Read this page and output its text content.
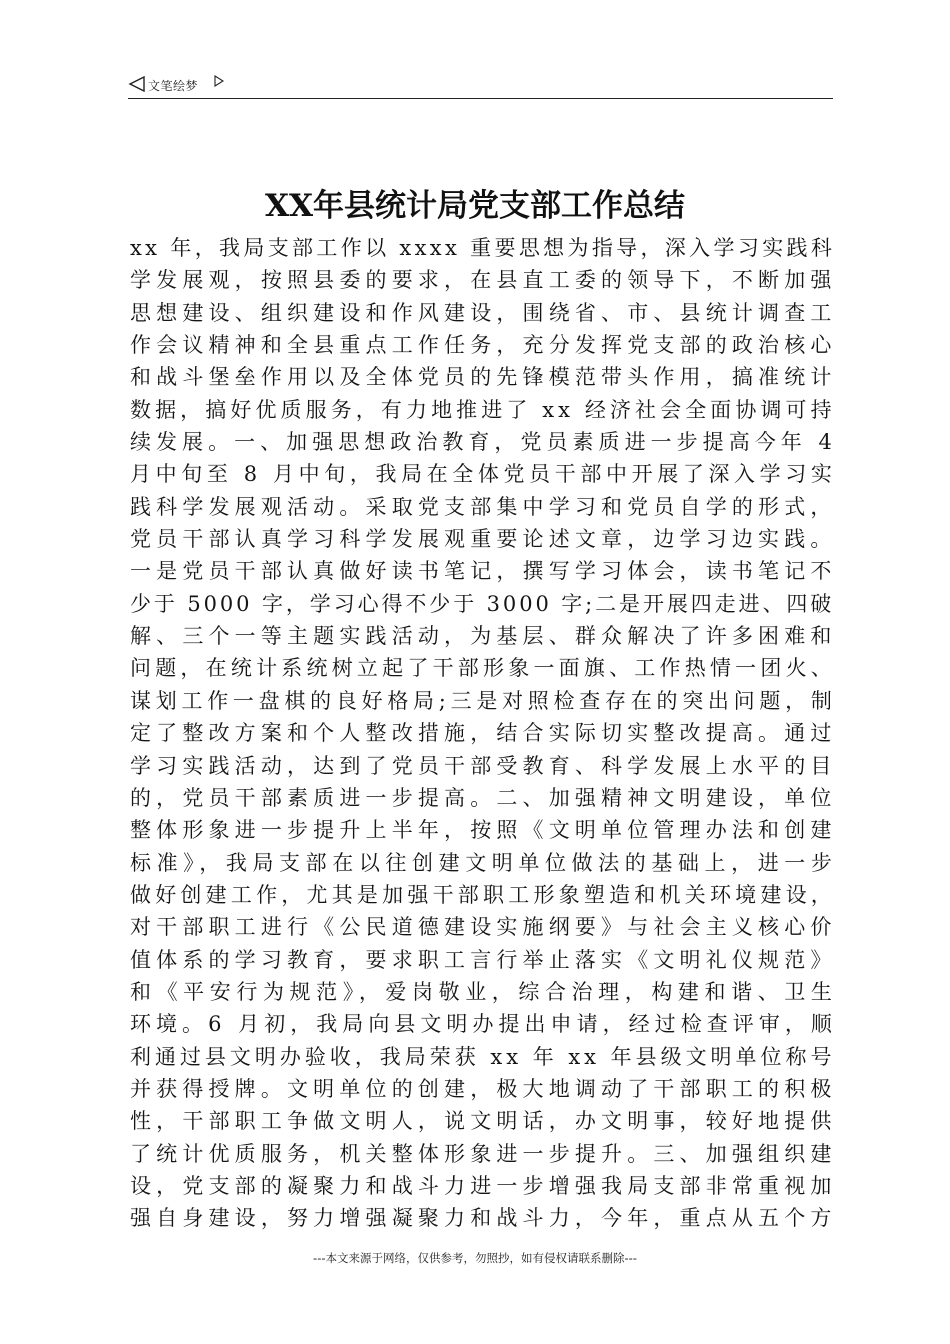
文笔绘梦
XX年县统计局党支部工作总结
xx 年，我局支部工作以 xxxx 重要思想为指导，深入学习实践科
学发展观，按照县委的要求，在县直工委的领导下，不断加强
思想建设、组织建设和作风建设，围绕省、市、县统计调查工
作会议精神和全县重点工作任务，充分发挥党支部的政治核心
和战斗堡垒作用以及全体党员的先锋模范带头作用，搞准统计
数据，搞好优质服务，有力地推进了 xx 经济社会全面协调可持
续发展。一、加强思想政治教育，党员素质进一步提高今年 4
月中旬至 8 月中旬，我局在全体党员干部中开展了深入学习实
践科学发展观活动。采取党支部集中学习和党员自学的形式，
党员干部认真学习科学发展观重要论述文章，边学习边实践。
一是党员干部认真做好读书笔记，撰写学习体会，读书笔记不
少于 5000 字，学习心得不少于 3000 字;二是开展四走进、四破
解、三个一等主题实践活动，为基层、群众解决了许多困难和
问题，在统计系统树立起了干部形象一面旗、工作热情一团火、
谋划工作一盘棋的良好格局;三是对照检查存在的突出问题，制
定了整改方案和个人整改措施，结合实际切实整改提高。通过
学习实践活动，达到了党员干部受教育、科学发展上水平的目
的，党员干部素质进一步提高。二、加强精神文明建设，单位
整体形象进一步提升上半年，按照《文明单位管理办法和创建
标准》，我局支部在以往创建文明单位做法的基础上，进一步
做好创建工作，尤其是加强干部职工形象塑造和机关环境建设，
对干部职工进行《公民道德建设实施纲要》与社会主义核心价
值体系的学习教育，要求职工言行举止落实《文明礼仪规范》
和《平安行为规范》，爱岗敬业，综合治理，构建和谐、卫生
环境。6 月初，我局向县文明办提出申请，经过检查评审，顺
利通过县文明办验收，我局荣获 xx 年 xx 年县级文明单位称号
并获得授牌。文明单位的创建，极大地调动了干部职工的积极
性，干部职工争做文明人，说文明话，办文明事，较好地提供
了统计优质服务，机关整体形象进一步提升。三、加强组织建
设，党支部的凝聚力和战斗力进一步增强我局支部非常重视加
强自身建设，努力增强凝聚力和战斗力，今年，重点从五个方
---本文来源于网络，仅供参考，勿照抄，如有侵权请联系删除---
